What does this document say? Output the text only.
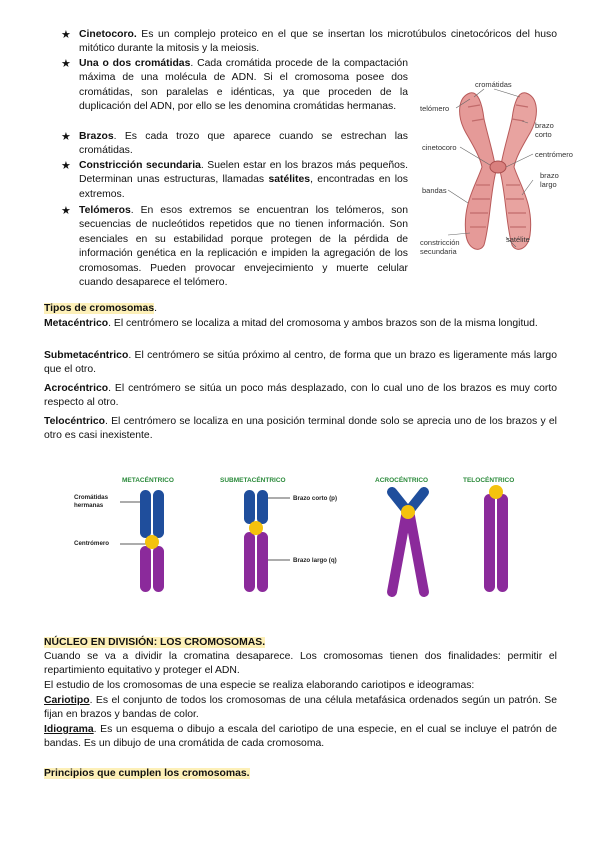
★ Cinetocoro. Es un complejo proteico en el que se insertan los microtúbulos cinetocóricos del huso mitótico durante la mitosis y la meiosis.
★ Una o dos cromátidas. Cada cromátida procede de la compactación máxima de una molécula de ADN. Si el cromosoma posee dos cromátidas, son paralelas e idénticas, ya que proceden de la duplicación del ADN, por ello se les denomina cromátidas hermanas.
★ Brazos. Es cada trozo que aparece cuando se estrechan las cromátidas.
★ Constricción secundaria. Suelen estar en los brazos más pequeños. Determinan unas estructuras, llamadas satélites, encontradas en los extremos.
★ Telómeros. En esos extremos se encuentran los telómeros, son secuencias de nucleótidos repetidos que no tienen información. Son esenciales en su estabilidad porque protegen de la pérdida de información genética en la replicación e impiden la agregación de los cromosomas. Pueden provocar envejecimiento y muerte celular cuando desaparece el telómero.
cromátidas
telómero
brazo corto
cinetocoro
centrómero
brazo largo
bandas
constricción secundaria
satélite
Tipos de cromosomas.
Metacéntrico. El centrómero se localiza a mitad del cromosoma y ambos brazos son de la misma longitud.
Submetacéntrico. El centrómero se sitúa próximo al centro, de forma que un brazo es ligeramente más largo que el otro.
Acrocéntrico. El centrómero se sitúa un poco más desplazado, con lo cual uno de los brazos es muy corto respecto al otro.
Telocéntrico. El centrómero se localiza en una posición terminal donde solo se aprecia uno de los brazos y el otro es casi inexistente.
METACÉNTRICO	SUBMETACÉNTRICO	ACROCÉNTRICO	TELOCÉNTRICO
Cromátidas hermanas
Centrómero
Brazo corto (p)
Brazo largo (q)
NÚCLEO EN DIVISIÓN: LOS CROMOSOMAS.
Cuando se va a dividir la cromatina desaparece. Los cromosomas tienen dos finalidades: permitir el repartimiento equitativo y proteger el ADN.
El estudio de los cromosomas de una especie se realiza elaborando cariotipos e ideogramas:
Cariotipo. Es el conjunto de todos los cromosomas de una célula metafásica ordenados según un patrón. Se fijan en brazos y bandas de color.
Idiograma. Es un esquema o dibujo a escala del cariotipo de una especie, en el cual se incluye el patrón de bandas. Es un dibujo de una cromátida de cada cromosoma.
Principios que cumplen los cromosomas.
